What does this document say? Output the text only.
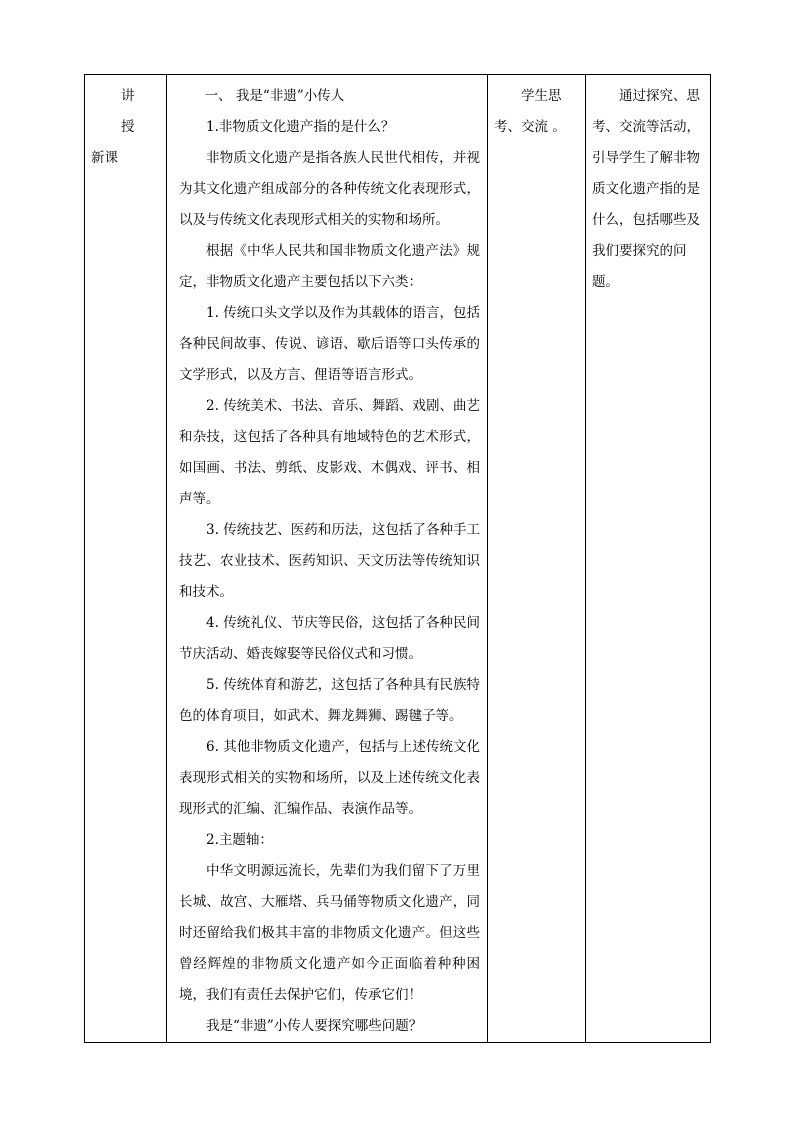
讲 授
新课

一、 我是“非遗”小传人

1.非物质文化遗产指的是什么？

非物质文化遗产是指各族人民世代相传，并视为其文化遗产组成部分的各种传统文化表现形式，以及与传统文化表现形式相关的实物和场所。

根据《中华人民共和国非物质文化遗产法》规定，非物质文化遗产主要包括以下六类：

1. 传统口头文学以及作为其载体的语言，包括各种民间故事、传说、谚语、歇后语等口头传承的文学形式，以及方言、俚语等语言形式。

2. 传统美术、书法、音乐、舞蹈、戏剧、曲艺和杂技，这包括了各种具有地域特色的艺术形式，如国画、书法、剪纸、皮影戏、木偶戏、评书、相声等。

3. 传统技艺、医药和历法，这包括了各种手工技艺、农业技术、医药知识、天文历法等传统知识和技术。

4. 传统礼仪、节庆等民俗，这包括了各种民间节庆活动、婚丧嫁娶等民俗仪式和习惯。

5. 传统体育和游艺，这包括了各种具有民族特色的体育项目，如武术、舞龙舞狮、踢毽子等。

6. 其他非物质文化遗产，包括与上述传统文化表现形式相关的实物和场所，以及上述传统文化表现形式的汇编、汇编作品、表演作品等。

2.主题轴：

中华文明源远流长，先辈们为我们留下了万里长城、故宫、大雁塔、兵马俑等物质文化遗产，同时还留给我们极其丰富的非物质文化遗产。但这些曾经辉煌的非物质文化遗产如今正面临着种种困境，我们有责任去保护它们，传承它们！

我是“非遗”小传人要探究哪些问题？

学生思考、交流 。
通过探究、思考、交流等活动，引导学生了解非物质文化遗产指的是什么，包括哪些及我们要探究的问题。
